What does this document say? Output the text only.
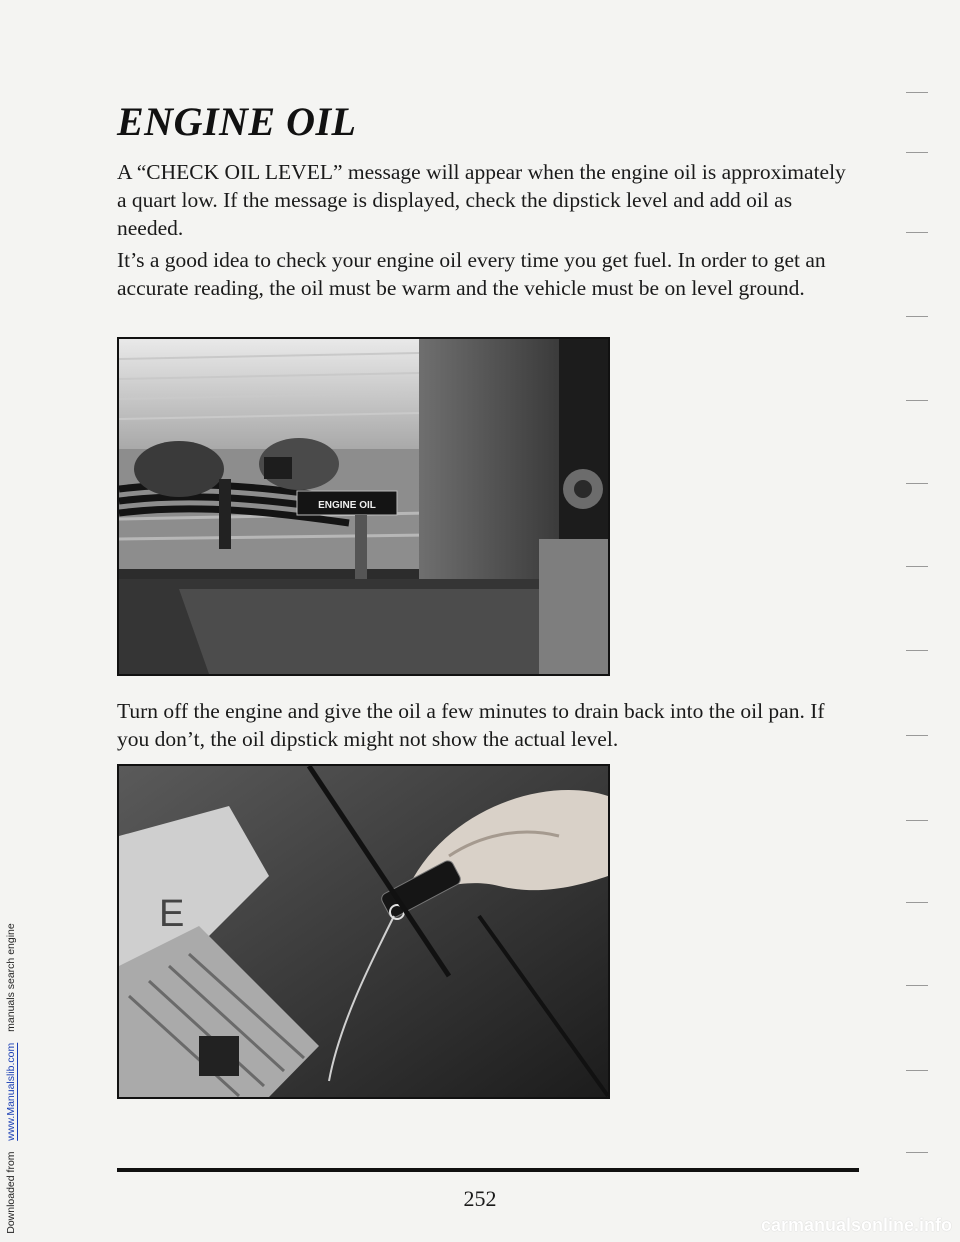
Downloaded from www.Manualslib.com manuals search engine
ENGINE OIL

A “CHECK OIL LEVEL” message will appear when the engine oil is approximately a quart low. If the message is displayed, check the dipstick level and add oil as needed.

It’s a good idea to check your engine oil every time you get fuel. In order to get an accurate reading, the oil must be warm and the vehicle must be on level ground.

ENGINE OIL

Turn off the engine and give the oil a few minutes to drain back into the oil pan. If you don’t, the oil dipstick might not show the actual level.

E
252
carmanualsonline.info
